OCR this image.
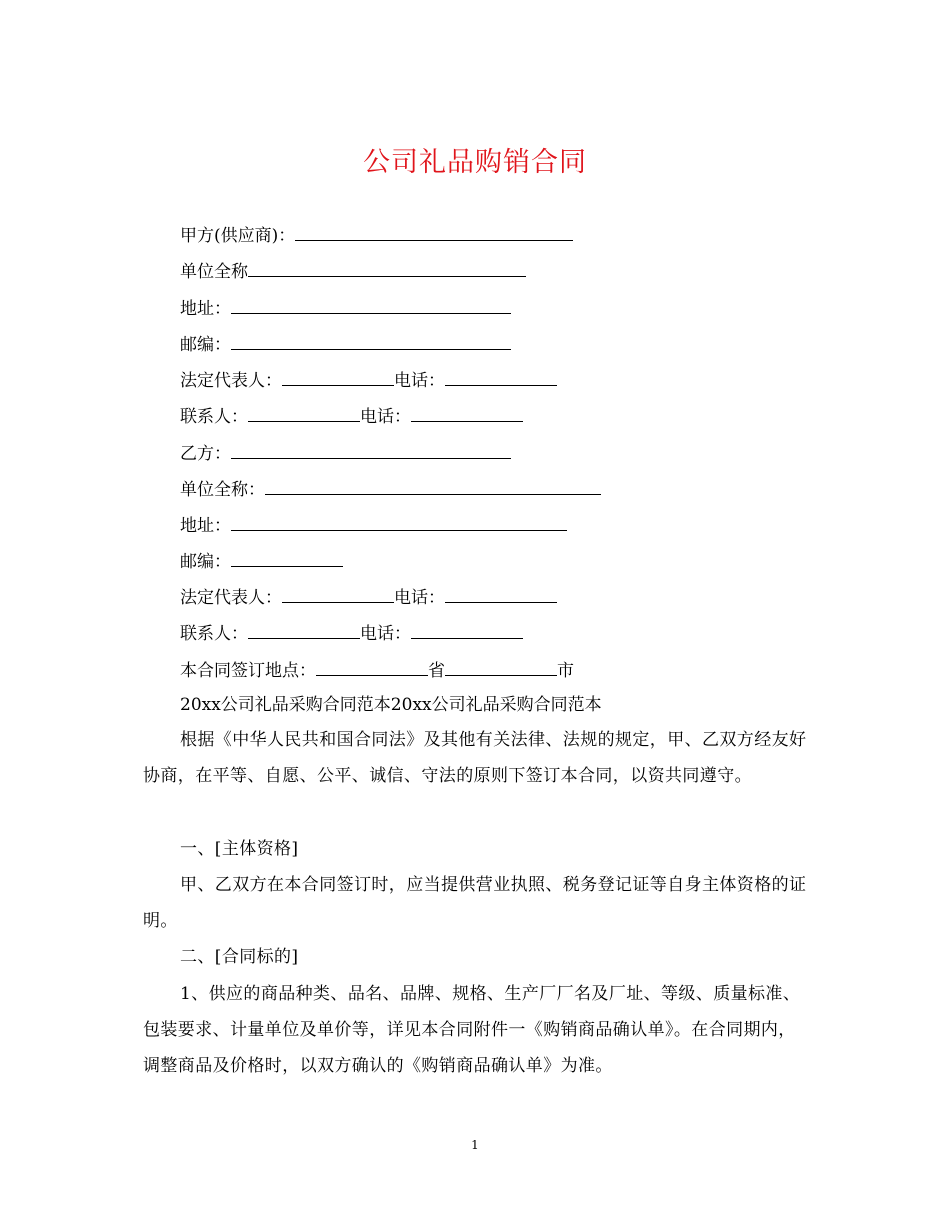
公司礼品购销合同
甲方(供应商)：
单位全称
地址：
邮编：
法定代表人：	电话：
联系人：	电话：
乙方：
单位全称：
地址：
邮编：
法定代表人：	电话：
联系人：	电话：
本合同签订地点：	省	市
20xx公司礼品采购合同范本20xx公司礼品采购合同范本
根据《中华人民共和国合同法》及其他有关法律、法规的规定，甲、乙双方经友好协商，在平等、自愿、公平、诚信、守法的原则下签订本合同，以资共同遵守。
一、[主体资格]
甲、乙双方在本合同签订时，应当提供营业执照、税务登记证等自身主体资格的证明。
二、[合同标的]
1、供应的商品种类、品名、品牌、规格、生产厂厂名及厂址、等级、质量标准、包装要求、计量单位及单价等，详见本合同附件一《购销商品确认单》。在合同期内，调整商品及价格时，以双方确认的《购销商品确认单》为准。
1
